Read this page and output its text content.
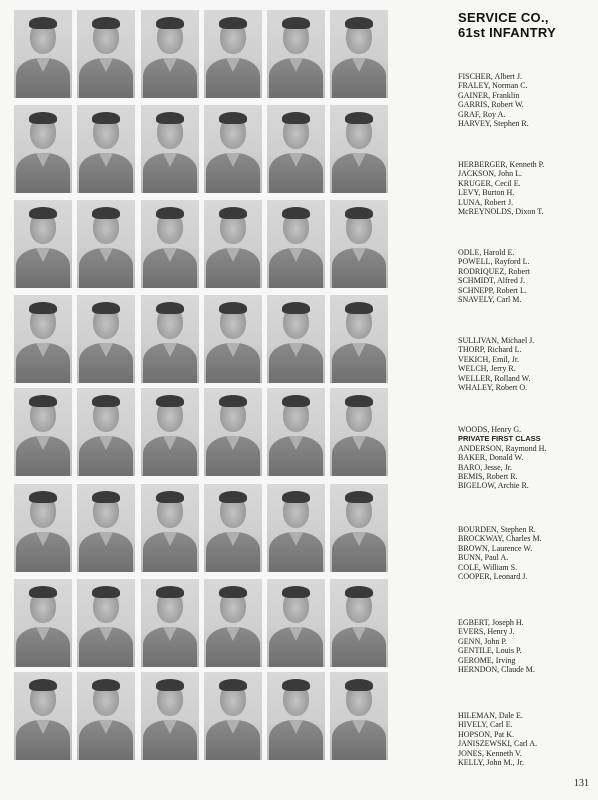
SERVICE CO.,
61st INFANTRY
FISCHER, Albert J.
FRALEY, Norman C.
GAINER, Franklin
GARRIS, Robert W.
GRAF, Roy A.
HARVEY, Stephen R.
HERBERGER, Kenneth P.
JACKSON, John L.
KRUGER, Cecil E.
LEVY, Burton H.
LUNA, Robert J.
McREYNOLDS, Dixon T.
ODLE, Harold E.
POWELL, Rayford L.
RODRIQUEZ, Robert
SCHMIDT, Alfred J.
SCHNEPP, Robert L.
SNAVELY, Carl M.
SULLIVAN, Michael J.
THORP, Richard L.
VEKICH, Emil, Jr.
WELCH, Jerry R.
WELLER, Rolland W.
WHALEY, Robert O.
WOODS, Henry G.
PRIVATE FIRST CLASS
ANDERSON, Raymond H.
BAKER, Donald W.
BARO, Jesse, Jr.
BEMIS, Robert R.
BIGELOW, Archie R.
BOURDEN, Stephen R.
BROCKWAY, Charles M.
BROWN, Laurence W.
BUNN, Paul A.
COLE, William S.
COOPER, Leonard J.
EGBERT, Joseph H.
EVERS, Henry J.
GENN, John P.
GENTILE, Louis P.
GEROME, Irving
HERNDON, Claude M.
HILEMAN, Dale E.
HIVELY, Carl E.
HOPSON, Pat K.
JANISZEWSKI, Carl A.
JONES, Kenneth V.
KELLY, John M., Jr.
131
